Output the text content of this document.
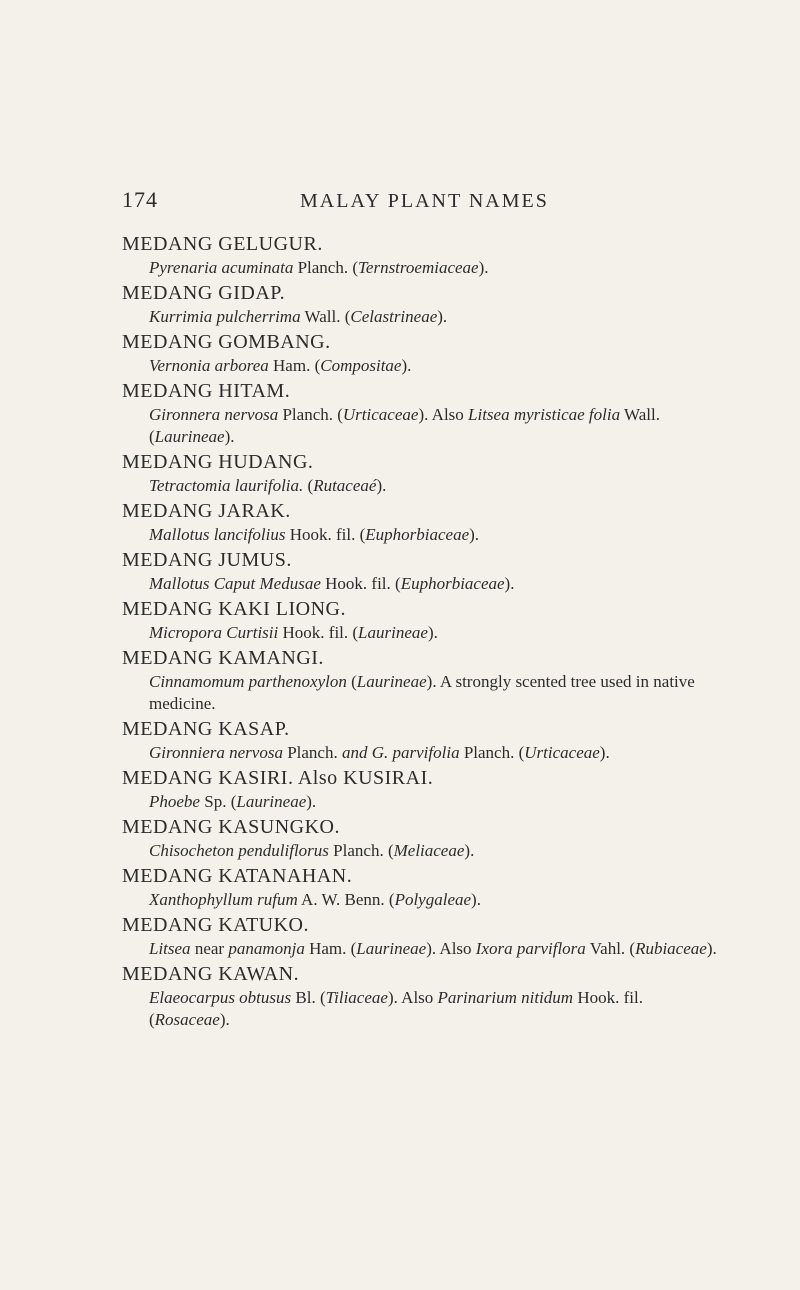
174	MALAY PLANT NAMES

MEDANG GELUGUR.

Pyrenaria acuminata Planch. (Ternstroemiaceae).

MEDANG GIDAP.

Kurrimia pulcherrima Wall. (Celastrineae).

MEDANG GOMBANG.

Vernonia arborea Ham. (Compositae).

MEDANG HITAM.

Gironnera nervosa Planch. (Urticaceae). Also Litsea myristicae folia Wall. (Laurineae).

MEDANG HUDANG.

Tetractomia laurifolia. (Rutaceaé).

MEDANG JARAK.

Mallotus lancifolius Hook. fil. (Euphorbiaceae).

MEDANG JUMUS.

Mallotus Caput Medusae Hook. fil. (Euphorbiaceae).

MEDANG KAKI LIONG.

Micropora Curtisii Hook. fil. (Laurineae).

MEDANG KAMANGI.

Cinnamomum parthenoxylon (Laurineae). A strongly scented tree used in native medicine.

MEDANG KASAP.

Gironniera nervosa Planch. and G. parvifolia Planch. (Urticaceae).

MEDANG KASIRI. Also KUSIRAI.

Phoebe Sp. (Laurineae).

MEDANG KASUNGKO.

Chisocheton penduliflorus Planch. (Meliaceae).

MEDANG KATANAHAN.

Xanthophyllum rufum A. W. Benn. (Polygaleae).

MEDANG KATUKO.

Litsea near panamonja Ham. (Laurineae). Also Ixora parviflora Vahl. (Rubiaceae).

MEDANG KAWAN.

Elaeocarpus obtusus Bl. (Tiliaceae). Also Parinarium nitidum Hook. fil. (Rosaceae).
